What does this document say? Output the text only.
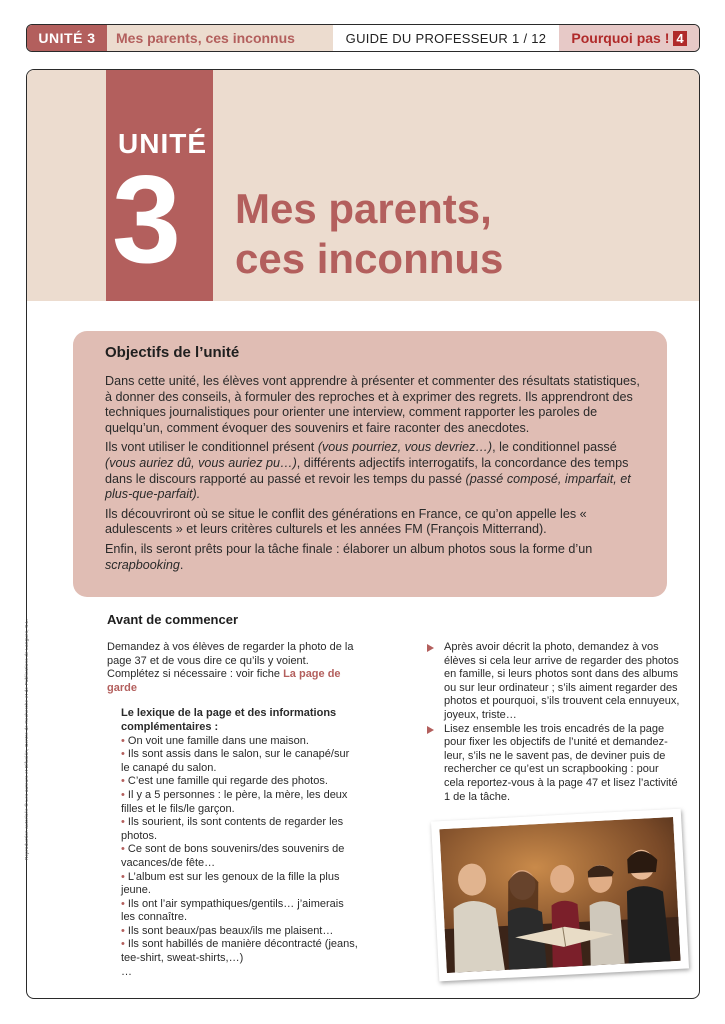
UNITÉ 3	Mes parents, ces inconnus	GUIDE DU PROFESSEUR 1 / 12	Pourquoi pas ! 4
UNITÉ
3 Mes parents,
ces inconnus
Objectifs de l’unité

Dans cette unité, les élèves vont apprendre à présenter et commenter des résultats statistiques, à donner des conseils, à formuler des reproches et à exprimer des regrets. Ils apprendront des techniques journalistiques pour orienter une interview, comment rapporter les paroles de quelqu’un, comment évoquer des souvenirs et faire raconter des anecdotes.

Ils vont utiliser le conditionnel présent (vous pourriez, vous devriez…), le conditionnel passé (vous auriez dû, vous auriez pu…), différents adjectifs interrogatifs, la concordance des temps dans le discours rapporté au passé et revoir les temps du passé (passé composé, imparfait, et plus-que-parfait).

Ils découvriront où se situe le conflit des générations en France, ce qu’on appelle les « adulescents » et leurs critères culturels et les années FM (François Mitterrand).

Enfin, ils seront prêts pour la tâche finale : élaborer un album photos sous la forme d’un scrapbooking.

Avant de commencer

Demandez à vos élèves de regarder la photo de la page 37 et de vous dire ce qu’ils y voient. Complétez si nécessaire : voir fiche La page de garde

Le lexique de la page et des informations complémentaires :

• On voit une famille dans une maison.
• Ils sont assis dans le salon, sur le canapé/sur le canapé du salon.
• C’est une famille qui regarde des photos.
• Il y a 5 personnes : le père, la mère, les deux filles et le fils/le garçon.
• Ils sourient, ils sont contents de regarder les photos.
• Ce sont de bons souvenirs/des souvenirs de vacances/de fête…
• L’album est sur les genoux de la fille la plus jeune.
• Ils ont l’air sympathiques/gentils… j’aimerais les connaître.
• Ils sont beaux/pas beaux/ils me plaisent…
• Ils sont habillés de manière décontracté (jeans, tee-shirt, sweat-shirts,…)
…
Après avoir décrit la photo, demandez à vos élèves si cela leur arrive de regarder des photos en famille, si leurs photos sont dans des albums ou sur leur ordinateur ; s’ils aiment regarder des photos et pourquoi, s’ils trouvent cela ennuyeux, joyeux, triste…
Lisez ensemble les trois encadrés de la page pour fixer les objectifs de l’unité et demandez-leur, s’ils ne le savent pas, de deviner puis de rechercher ce qu’est un scrapbooking : pour cela reportez-vous à la page 47 et lisez l’activité 1 de la tâche.
Reproduction autorisée © Les auteurs et Difusión, Centre de Recherche et de Publications de Langues, S.L.
